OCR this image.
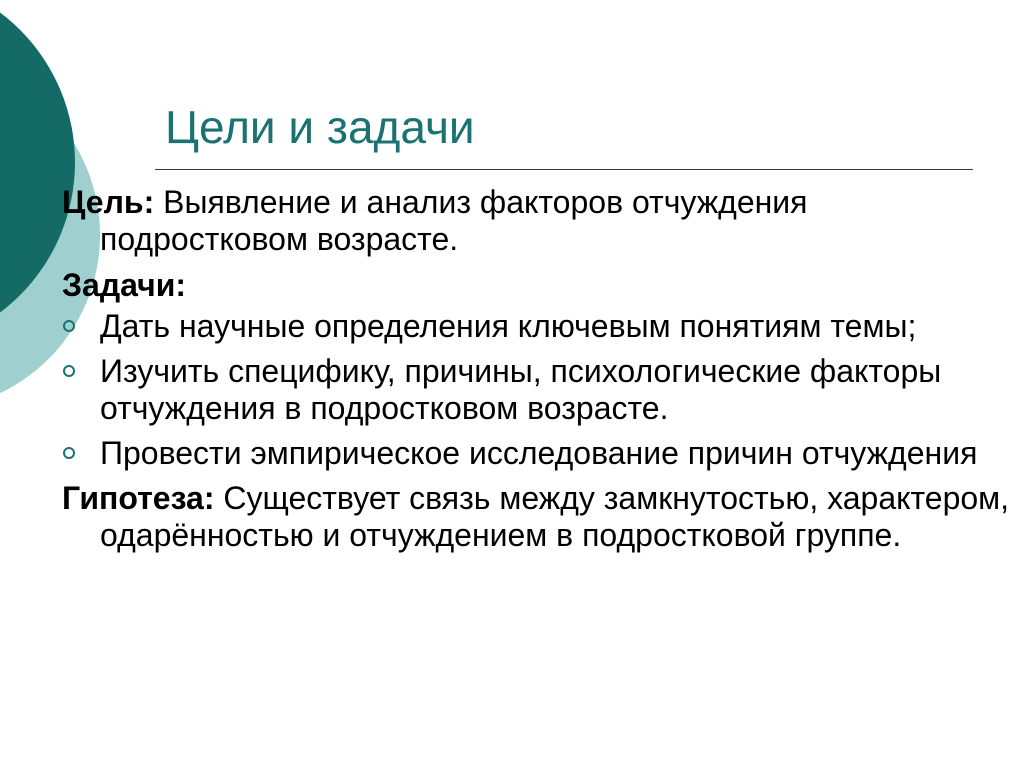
Цели и задачи

Цель: Выявление и анализ факторов отчуждения подростковом возрасте.

Задачи:

Дать научные определения ключевым понятиям темы;
Изучить специфику, причины, психологические факторы отчуждения в подростковом возрасте.
Провести эмпирическое исследование причин отчуждения

Гипотеза: Существует связь между замкнутостью, характером, одарённостью и отчуждением в подростковой группе.
